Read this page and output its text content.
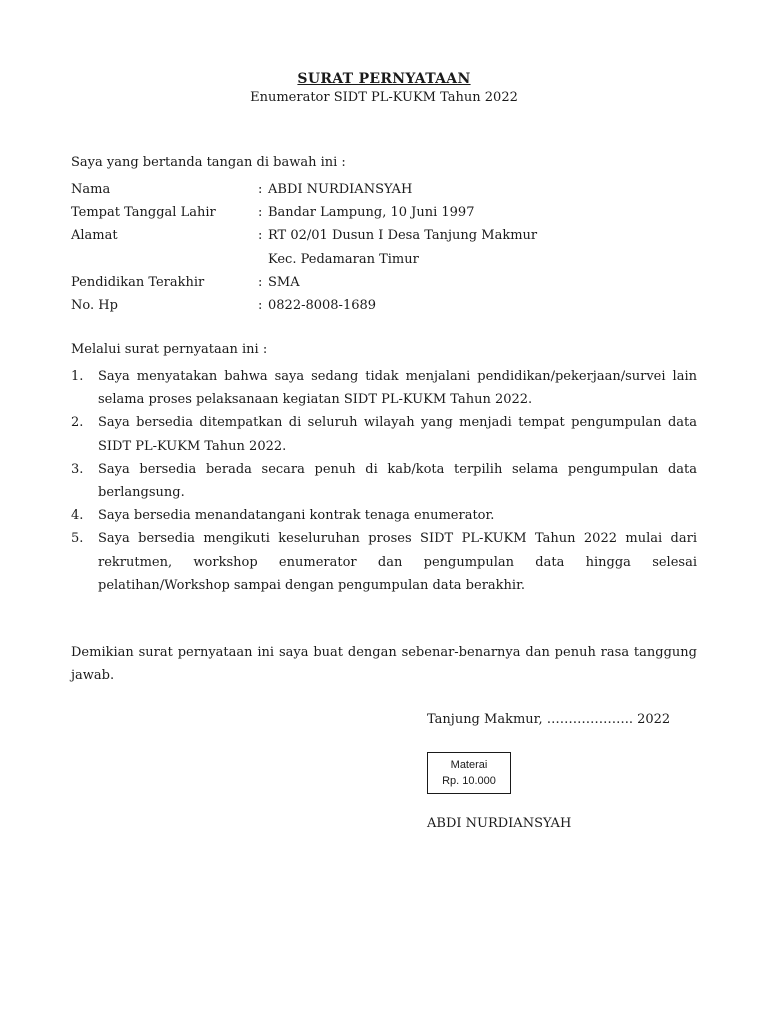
SURAT PERNYATAAN
Enumerator SIDT PL-KUKM Tahun 2022
Saya yang bertanda tangan di bawah ini :
Nama	: ABDI NURDIANSYAH
Tempat Tanggal Lahir	: Bandar Lampung, 10 Juni 1997
Alamat	: RT 02/01 Dusun I Desa Tanjung Makmur
Kec. Pedamaran Timur
Pendidikan Terakhir	: SMA
No. Hp	: 0822-8008-1689
Melalui surat pernyataan ini :
1. Saya menyatakan bahwa saya sedang tidak menjalani pendidikan/pekerjaan/survei lain selama proses pelaksanaan kegiatan SIDT PL-KUKM Tahun 2022.
2. Saya bersedia ditempatkan di seluruh wilayah yang menjadi tempat pengumpulan data SIDT PL-KUKM Tahun 2022.
3. Saya bersedia berada secara penuh di kab/kota terpilih selama pengumpulan data berlangsung.
4. Saya bersedia menandatangani kontrak tenaga enumerator.
5. Saya bersedia mengikuti keseluruhan proses SIDT PL-KUKM Tahun 2022 mulai dari rekrutmen, workshop enumerator dan pengumpulan data hingga selesai pelatihan/Workshop sampai dengan pengumpulan data berakhir.
Demikian surat pernyataan ini saya buat dengan sebenar-benarnya dan penuh rasa tanggung jawab.
Tanjung Makmur, ……………….. 2022
Materai
Rp. 10.000
ABDI NURDIANSYAH
